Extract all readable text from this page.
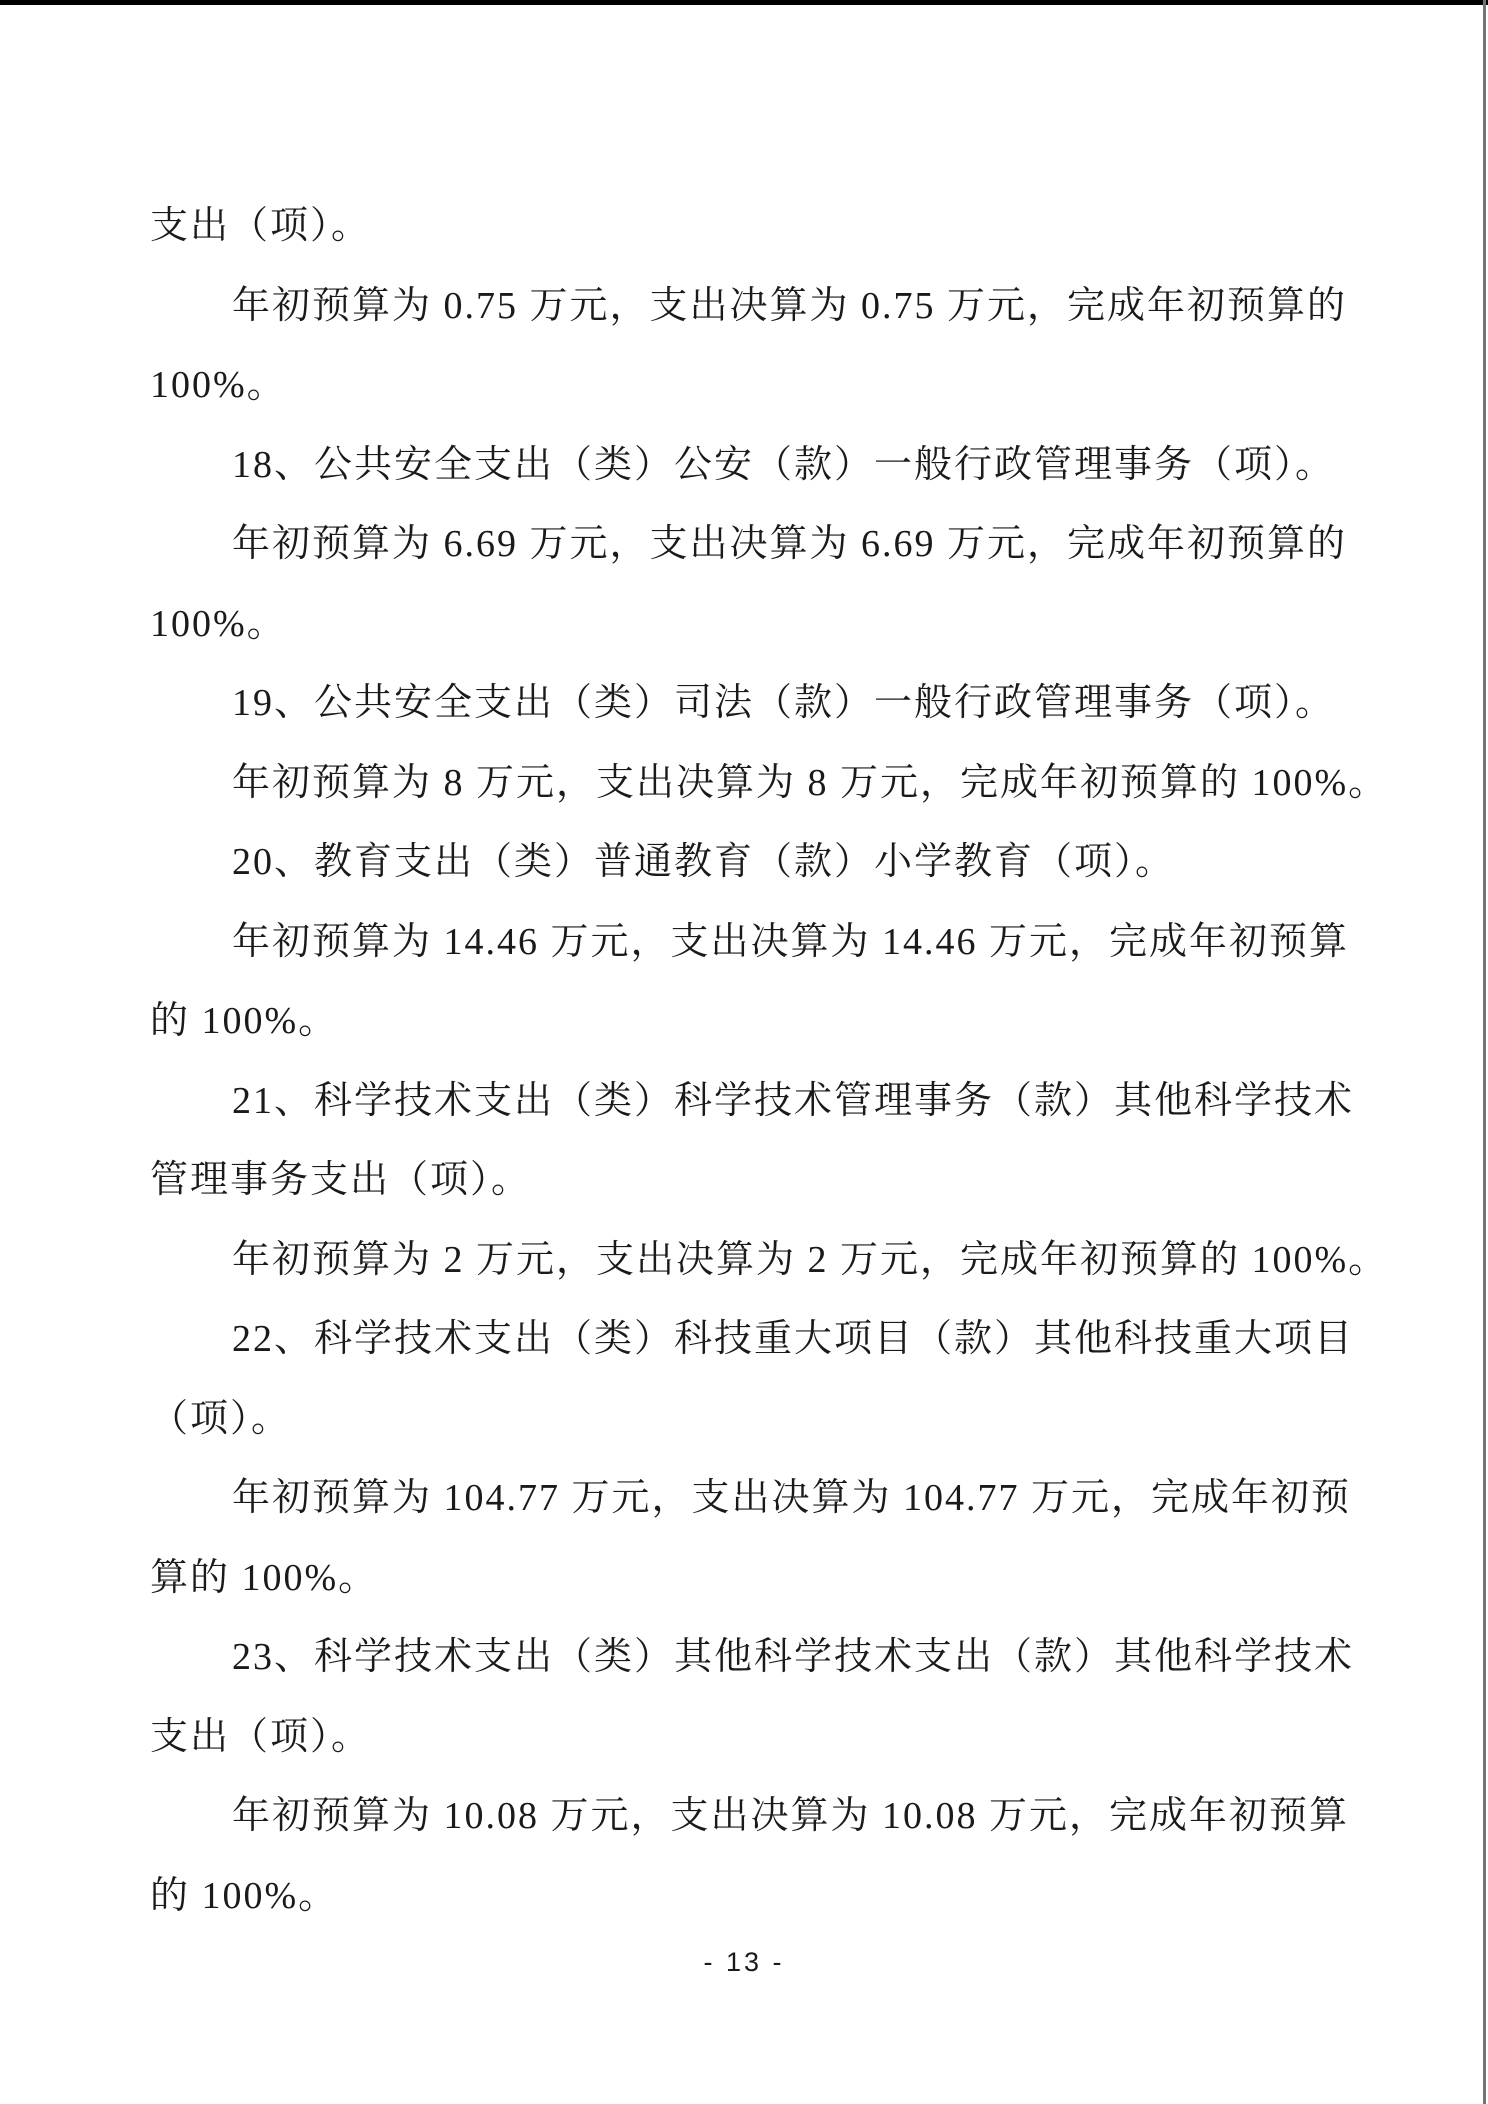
支出（项）。
年初预算为 0.75 万元，支出决算为 0.75 万元，完成年初预算的
100%。
18、公共安全支出（类）公安（款）一般行政管理事务（项）。
年初预算为 6.69 万元，支出决算为 6.69 万元，完成年初预算的
100%。
19、公共安全支出（类）司法（款）一般行政管理事务（项）。
年初预算为 8 万元，支出决算为 8 万元，完成年初预算的 100%。
20、教育支出（类）普通教育（款）小学教育（项）。
年初预算为 14.46 万元，支出决算为 14.46 万元，完成年初预算
的 100%。
21、科学技术支出（类）科学技术管理事务（款）其他科学技术
管理事务支出（项）。
年初预算为 2 万元，支出决算为 2 万元，完成年初预算的 100%。
22、科学技术支出（类）科技重大项目（款）其他科技重大项目
（项）。
年初预算为 104.77 万元，支出决算为 104.77 万元，完成年初预
算的 100%。
23、科学技术支出（类）其他科学技术支出（款）其他科学技术
支出（项）。
年初预算为 10.08 万元，支出决算为 10.08 万元，完成年初预算
的 100%。
- 13 -
